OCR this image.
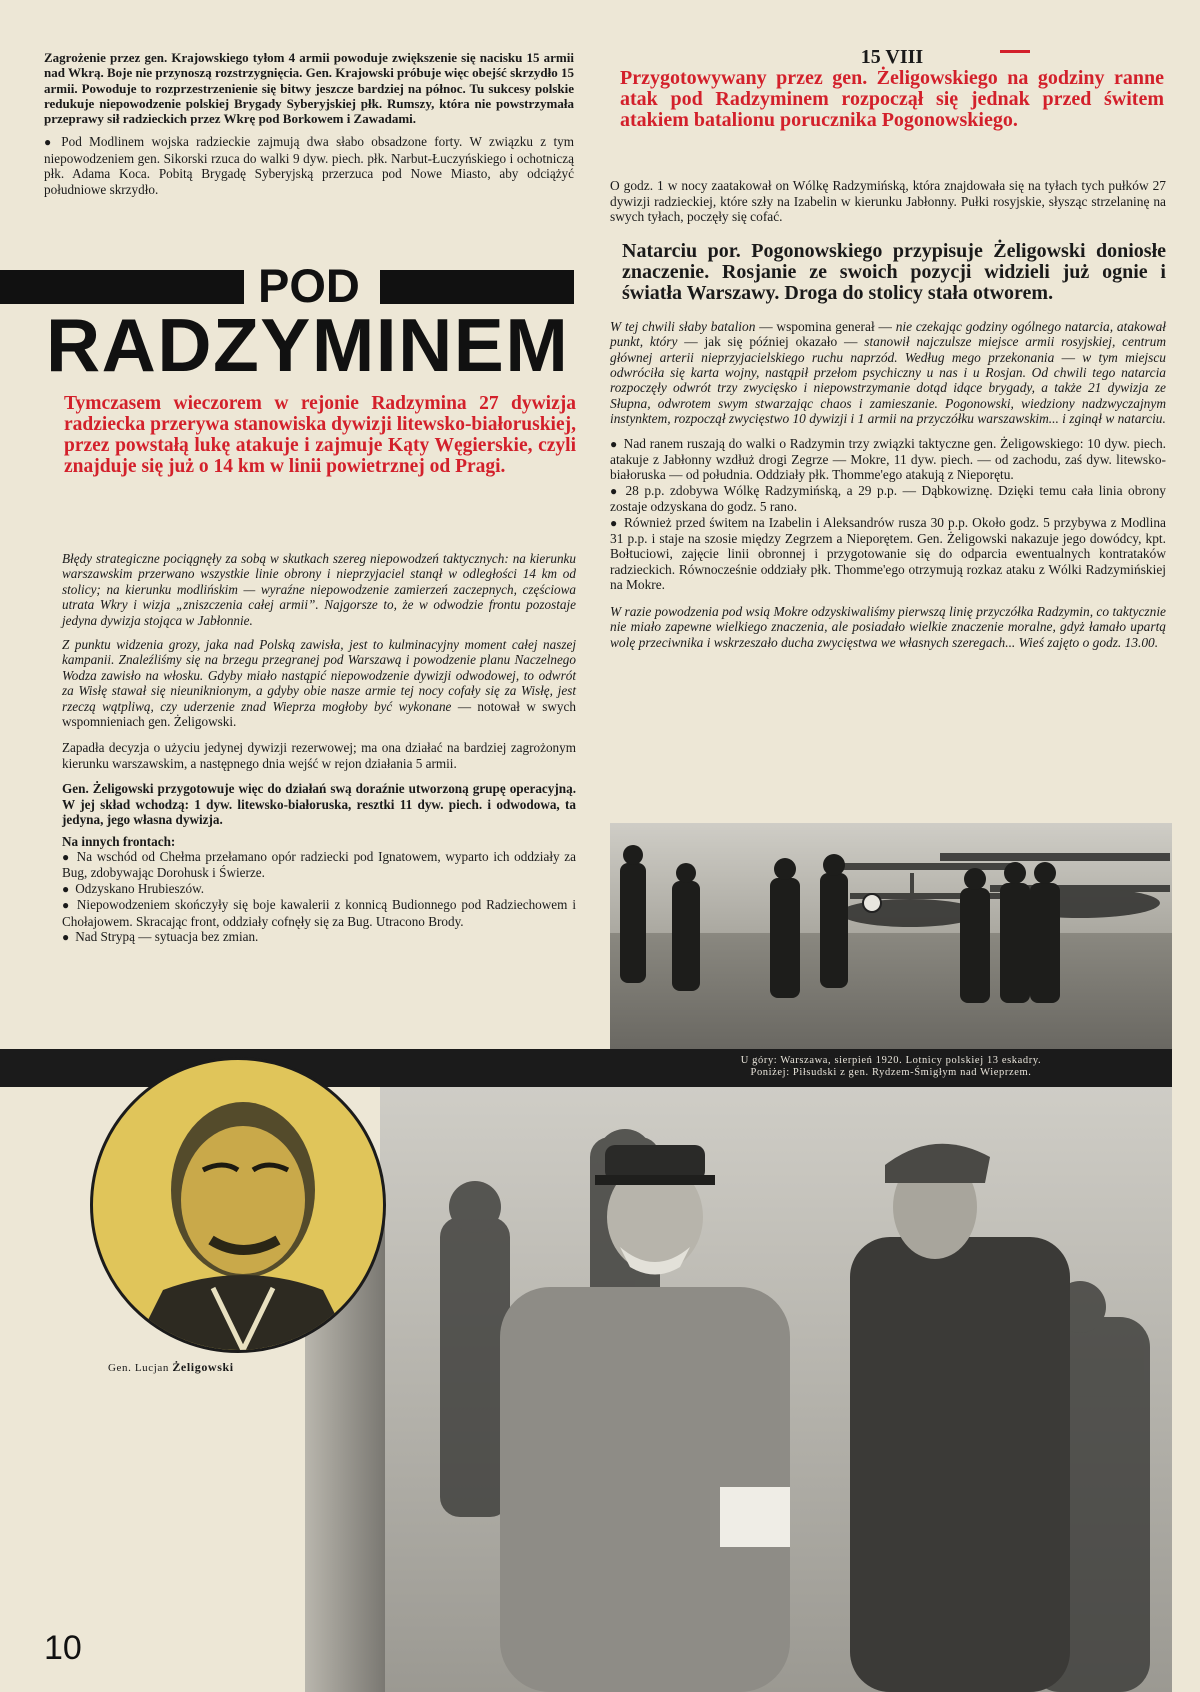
Zagrożenie przez gen. Krajowskiego tyłom 4 armii powoduje zwiększenie się nacisku 15 armii nad Wkrą. Boje nie przynoszą rozstrzygnięcia. Gen. Krajowski próbuje więc obejść skrzydło 15 armii. Powoduje to rozprzestrzenienie się bitwy jeszcze bardziej na północ. Tu sukcesy polskie redukuje niepowodzenie polskiej Brygady Syberyjskiej płk. Rumszy, która nie powstrzymała przeprawy sił radzieckich przez Wkrę pod Borkowem i Zawadami.

● Pod Modlinem wojska radzieckie zajmują dwa słabo obsadzone forty. W związku z tym niepowodzeniem gen. Sikorski rzuca do walki 9 dyw. piech. płk. Narbut-Łuczyńskiego i ochotniczą płk. Adama Koca. Pobitą Brygadę Syberyjską przerzuca pod Nowe Miasto, aby odciążyć południowe skrzydło.

POD
RADZYMINEM

Tymczasem wieczorem w rejonie Radzymina 27 dywizja radziecka przerywa stanowiska dywizji litewsko-białoruskiej, przez powstałą lukę atakuje i zajmuje Kąty Węgierskie, czyli znajduje się już o 14 km w linii powietrznej od Pragi.

Błędy strategiczne pociągnęły za sobą w skutkach szereg niepowodzeń taktycznych: na kierunku warszawskim przerwano wszystkie linie obrony i nieprzyjaciel stanął w odległości 14 km od stolicy; na kierunku modlińskim — wyraźne niepowodzenie zamierzeń zaczepnych, częściowa utrata Wkry i wizja „zniszczenia całej armii”. Najgorsze to, że w odwodzie frontu pozostaje jedyna dywizja stojąca w Jabłonnie.

Z punktu widzenia grozy, jaka nad Polską zawisła, jest to kulminacyjny moment całej naszej kampanii. Znaleźliśmy się na brzegu przegranej pod Warszawą i powodzenie planu Naczelnego Wodza zawisło na włosku. Gdyby miało nastąpić niepowodzenie dywizji odwodowej, to odwrót za Wisłę stawał się nieuniknionym, a gdyby obie nasze armie tej nocy cofały się za Wisłę, jest rzeczą wątpliwą, czy uderzenie znad Wieprza mogłoby być wykonane — notował w swych wspomnieniach gen. Żeligowski.

Zapadła decyzja o użyciu jedynej dywizji rezerwowej; ma ona działać na bardziej zagrożonym kierunku warszawskim, a następnego dnia wejść w rejon działania 5 armii.

Gen. Żeligowski przygotowuje więc do działań swą doraźnie utworzoną grupę operacyjną. W jej skład wchodzą: 1 dyw. litewsko-białoruska, resztki 11 dyw. piech. i odwodowa, ta jedyna, jego własna dywizja.

Na innych frontach:

● Na wschód od Chełma przełamano opór radziecki pod Ignatowem, wyparto ich oddziały za Bug, zdobywając Dorohusk i Świerze.

● Odzyskano Hrubieszów.

● Niepowodzeniem skończyły się boje kawalerii z konnicą Budionnego pod Radziechowem i Chołajowem. Skracając front, oddziały cofnęły się za Bug. Utracono Brody.

● Nad Strypą — sytuacja bez zmian.

15 VIII

Przygotowywany przez gen. Żeligowskiego na godziny ranne atak pod Radzyminem rozpoczął się jednak przed świtem atakiem batalionu porucznika Pogonowskiego.

O godz. 1 w nocy zaatakował on Wólkę Radzymińską, która znajdowała się na tyłach tych pułków 27 dywizji radzieckiej, które szły na Izabelin w kierunku Jabłonny. Pułki rosyjskie, słysząc strzelaninę na swych tyłach, poczęły się cofać.

Natarciu por. Pogonowskiego przypisuje Żeligowski doniosłe znaczenie. Rosjanie ze swoich pozycji widzieli już ognie i światła Warszawy. Droga do stolicy stała otworem.

W tej chwili słaby batalion — wspomina generał — nie czekając godziny ogólnego natarcia, atakował punkt, który — jak się później okazało — stanowił najczulsze miejsce armii rosyjskiej, centrum głównej arterii nieprzyjacielskiego ruchu naprzód. Według mego przekonania — w tym miejscu odwróciła się karta wojny, nastąpił przełom psychiczny u nas i u Rosjan. Od chwili tego natarcia rozpoczęły odwrót trzy zwycięsko i niepowstrzymanie dotąd idące brygady, a także 21 dywizja ze Słupna, odwrotem swym stwarzając chaos i zamieszanie. Pogonowski, wiedziony nadzwyczajnym instynktem, rozpoczął zwycięstwo 10 dywizji i 1 armii na przyczółku warszawskim... i zginął w natarciu.

● Nad ranem ruszają do walki o Radzymin trzy związki taktyczne gen. Żeligowskiego: 10 dyw. piech. atakuje z Jabłonny wzdłuż drogi Zegrze — Mokre, 11 dyw. piech. — od zachodu, zaś dyw. litewsko-białoruska — od południa. Oddziały płk. Thomme'ego atakują z Nieporętu.

● 28 p.p. zdobywa Wólkę Radzymińską, a 29 p.p. — Dąbkowiznę. Dzięki temu cała linia obrony zostaje odzyskana do godz. 5 rano.

● Również przed świtem na Izabelin i Aleksandrów rusza 30 p.p. Około godz. 5 przybywa z Modlina 31 p.p. i staje na szosie między Zegrzem a Nieporętem. Gen. Żeligowski nakazuje jego dowódcy, kpt. Bołtuciowi, zajęcie linii obronnej i przygotowanie się do odparcia ewentualnych kontrataków radzieckich. Równocześnie oddziały płk. Thomme'ego otrzymują rozkaz ataku z Wólki Radzymińskiej na Mokre.

W razie powodzenia pod wsią Mokre odzyskiwaliśmy pierwszą linię przyczółka Radzymin, co taktycznie nie miało zapewne wielkiego znaczenia, ale posiadało wielkie znaczenie moralne, gdyż łamało upartą wolę przeciwnika i wskrzeszało ducha zwycięstwa we własnych szeregach... Wieś zajęto o godz. 13.00.

U góry: Warszawa, sierpień 1920. Lotnicy polskiej 13 eskadry.
Poniżej: Piłsudski z gen. Rydzem-Śmigłym nad Wieprzem.
Gen. Lucjan Żeligowski
10
